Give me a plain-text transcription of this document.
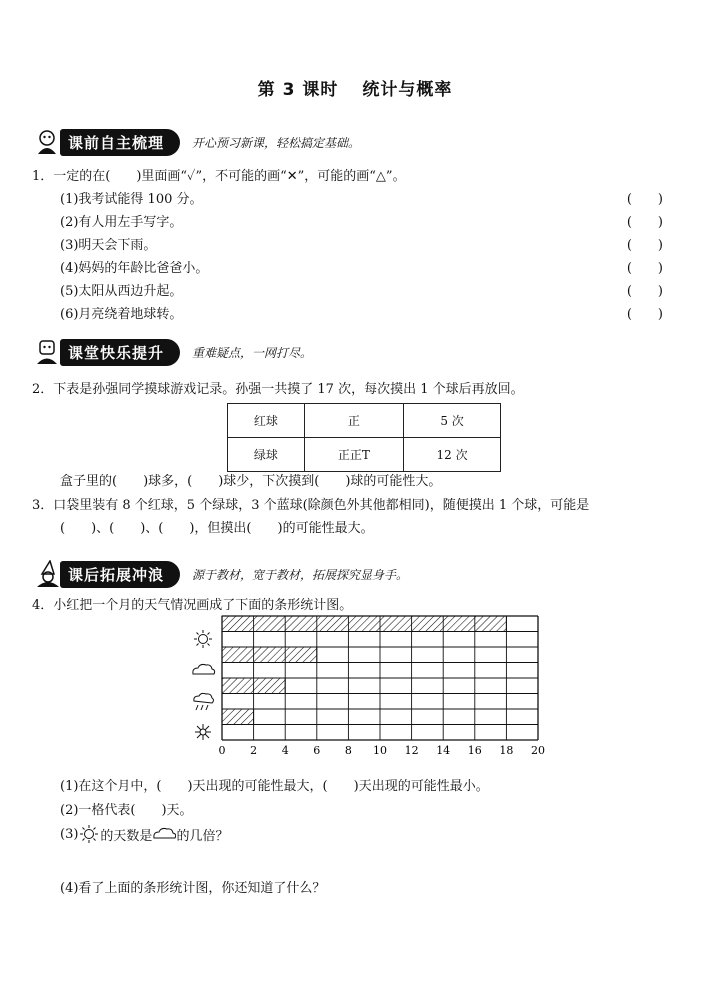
第 3 课时 统计与概率
课前自主梳理	开心预习新课，轻松搞定基础。
1．一定的在(　　)里面画“✓”，不可能的画“✕”，可能的画“△”。
(1)我考试能得 100 分。	(　　)
(2)有人用左手写字。	(　　)
(3)明天会下雨。	(　　)
(4)妈妈的年龄比爸爸小。	(　　)
(5)太阳从西边升起。	(　　)
(6)月亮绕着地球转。	(　　)
课堂快乐提升	重难疑点，一网打尽。
2．下表是孙强同学摸球游戏记录。孙强一共摸了 17 次，每次摸出 1 个球后再放回。
红球	正	5 次
绿球	正正T	12 次
盒子里的(　　)球多，(　　)球少，下次摸到(　　)球的可能性大。
3．口袋里装有 8 个红球，5 个绿球，3 个蓝球(除颜色外其他都相同)，随便摸出 1 个球，可能是
(　　)、(　　)、(　　)，但摸出(　　)的可能性最大。
课后拓展冲浪	源于教材，宽于教材，拓展探究显身手。
4．小红把一个月的天气情况画成了下面的条形统计图。
0 2 4 6 8 10 12 14 16 18 20
(1)在这个月中，(　　)天出现的可能性最大，(　　)天出现的可能性最小。
(2)一格代表(　　)天。
(3) 的天数是 的几倍？
(4)看了上面的条形统计图，你还知道了什么？
